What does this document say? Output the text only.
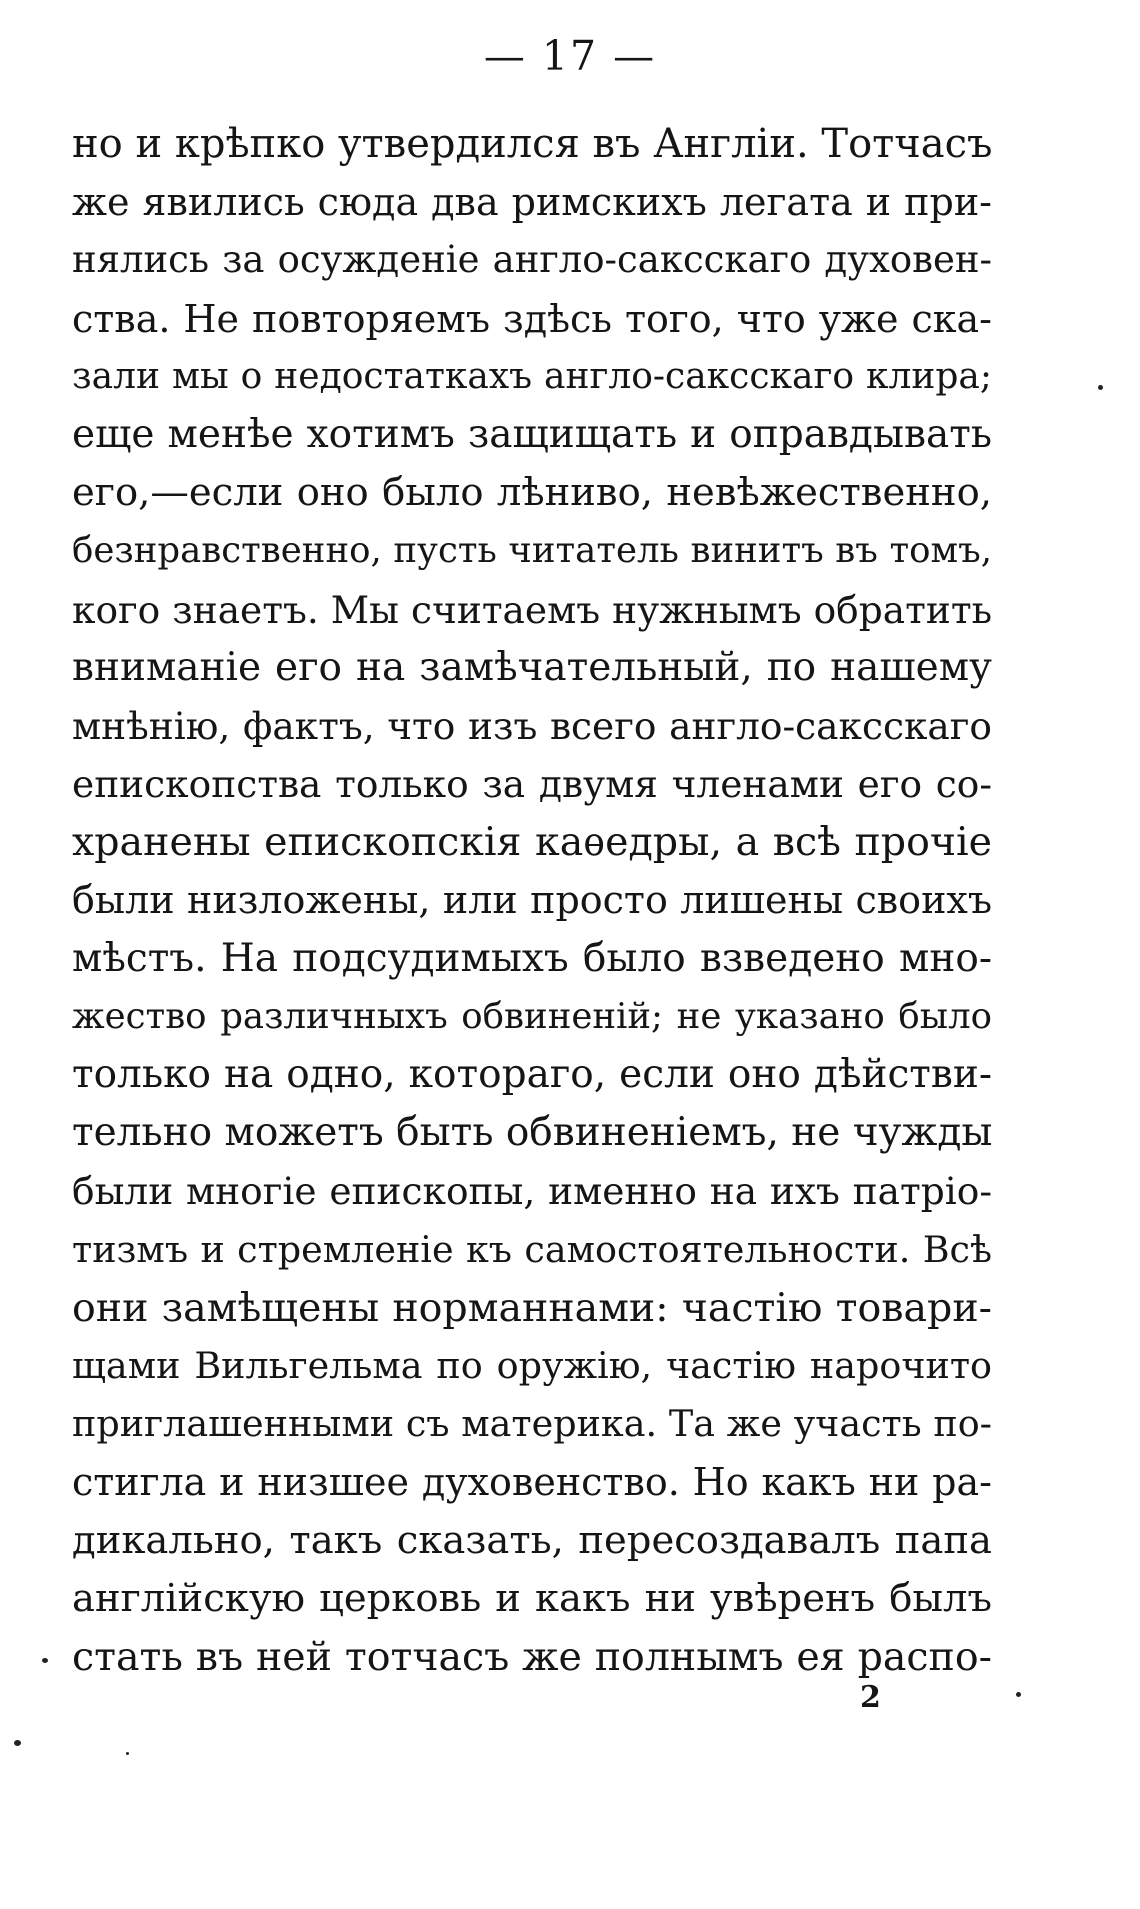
— 17 —
но и крѣпко утвердился въ Англіи. Тотчасъ
же явились сюда два римскихъ легата и при-
нялись за осужденіе англо-саксскаго духовен-
ства. Не повторяемъ здѣсь того, что уже ска-
зали мы о недостаткахъ англо-саксскаго клира;
еще менѣе хотимъ защищать и оправдывать
его,—если оно было лѣниво, невѣжественно,
безнравственно, пусть читатель винитъ въ томъ,
кого знаетъ. Мы считаемъ нужнымъ обратить
вниманіе его на замѣчательный, по нашему
мнѣнію, фактъ, что изъ всего англо-саксскаго
епископства только за двумя членами его со-
хранены епископскія каѳедры, а всѣ прочіе
были низложены, или просто лишены своихъ
мѣстъ. На подсудимыхъ было взведено мно-
жество различныхъ обвиненій; не указано было
только на одно, котораго, если оно дѣйстви-
тельно можетъ быть обвиненіемъ, не чужды
были многіе епископы, именно на ихъ патріо-
тизмъ и стремленіе къ самостоятельности. Всѣ
они замѣщены норманнами: частію товари-
щами Вильгельма по оружію, частію нарочито
приглашенными съ материка. Та же участь по-
стигла и низшее духовенство. Но какъ ни ра-
дикально, такъ сказать, пересоздавалъ папа
англійскую церковь и какъ ни увѣренъ былъ
стать въ ней тотчасъ же полнымъ ея распо-
2
